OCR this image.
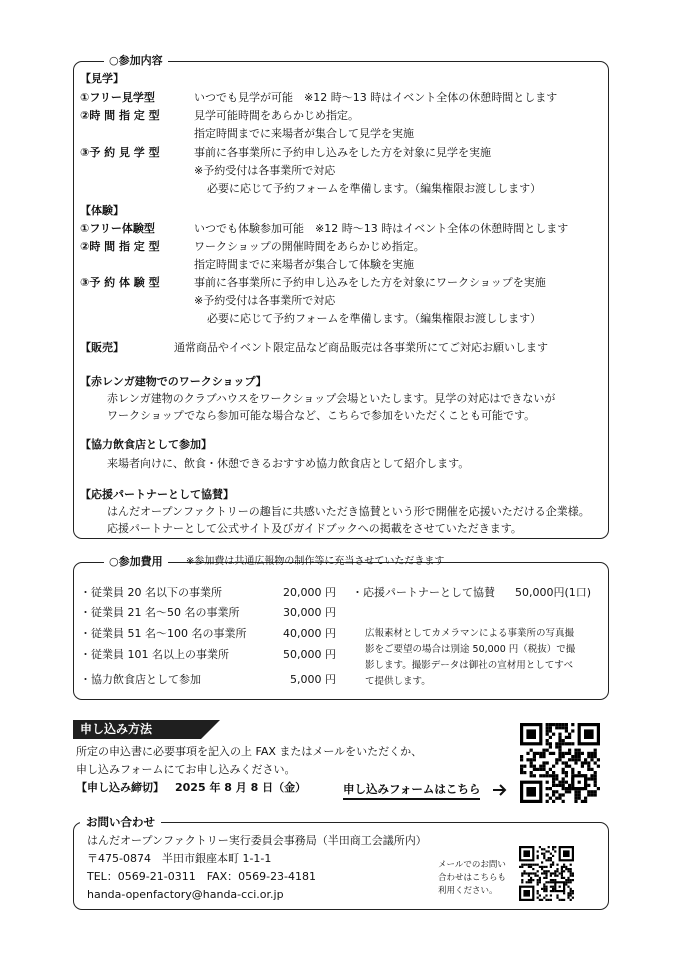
○参加内容
【見学】
①フリー見学型	いつでも見学が可能　※12 時～13 時はイベント全体の休憩時間とします
②時 間 指 定 型	見学可能時間をあらかじめ指定。
指定時間までに来場者が集合して見学を実施
③予 約 見 学 型	事前に各事業所に予約申し込みをした方を対象に見学を実施
※予約受付は各事業所で対応
必要に応じて予約フォームを準備します。（編集権限お渡しします）
【体験】
①フリー体験型	いつでも体験参加可能　※12 時～13 時はイベント全体の休憩時間とします
②時 間 指 定 型	ワークショップの開催時間をあらかじめ指定。
指定時間までに来場者が集合して体験を実施
③予 約 体 験 型	事前に各事業所に予約申し込みをした方を対象にワークショップを実施
※予約受付は各事業所で対応
必要に応じて予約フォームを準備します。（編集権限お渡しします）
【販売】	通常商品やイベント限定品など商品販売は各事業所にてご対応お願いします
【赤レンガ建物でのワークショップ】
赤レンガ建物のクラブハウスをワークショップ会場といたします。見学の対応はできないが
ワークショップでなら参加可能な場合など、こちらで参加をいただくことも可能です。
【協力飲食店として参加】
来場者向けに、飲食・休憩できるおすすめ協力飲食店として紹介します。
【応援パートナーとして協賛】
はんだオープンファクトリーの趣旨に共感いただき協賛という形で開催を応援いただける企業様。
応援パートナーとして公式サイト及びガイドブックへの掲載をさせていただきます。
○参加費用	※参加費は共通広報物の制作等に充当させていただきます
・従業員 20 名以下の事業所	20,000 円
・従業員 21 名～50 名の事業所	30,000 円
・従業員 51 名～100 名の事業所	40,000 円
・従業員 101 名以上の事業所	50,000 円
・協力飲食店として参加	5,000 円
・応援パートナーとして協賛 50,000円(1口)
広報素材としてカメラマンによる事業所の写真撮
影をご要望の場合は別途 50,000 円（税抜）で撮
影します。撮影データは御社の宣材用としてすべ
て提供します。
申し込み方法
所定の申込書に必要事項を記入の上 FAX またはメールをいただくか、
申し込みフォームにてお申し込みください。
【申し込み締切】 2025 年 8 月 8 日（金）	申し込みフォームはこちら
お問い合わせ
はんだオープンファクトリー実行委員会事務局（半田商工会議所内）
〒475-0874　半田市銀座本町 1-1-1
TEL：0569-21-0311　FAX：0569-23-4181
handa-openfactory@handa-cci.or.jp
メールでのお問い
合わせはこちらも
利用ください。
